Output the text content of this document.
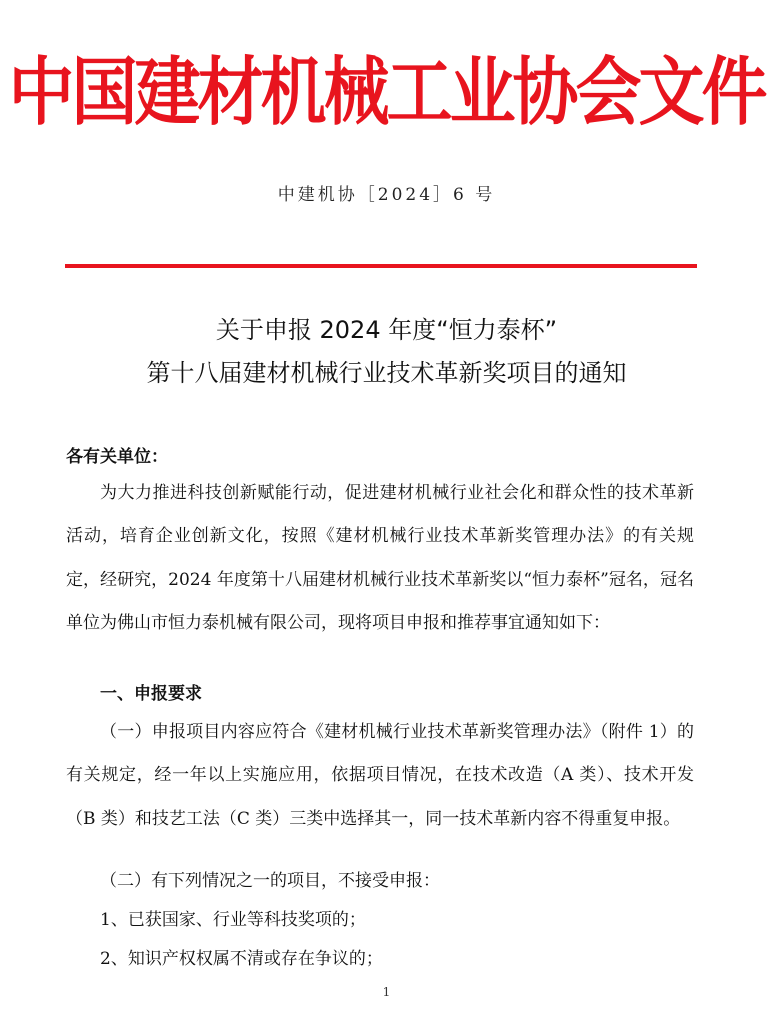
中国建材机械工业协会文件
中建机协［2024］6 号
关于申报 2024 年度“恒力泰杯”
第十八届建材机械行业技术革新奖项目的通知
各有关单位：

为大力推进科技创新赋能行动，促进建材机械行业社会化和群众性的技术革新活动，培育企业创新文化，按照《建材机械行业技术革新奖管理办法》的有关规定，经研究，2024 年度第十八届建材机械行业技术革新奖以“恒力泰杯”冠名，冠名单位为佛山市恒力泰机械有限公司，现将项目申报和推荐事宜通知如下：

一、申报要求

（一）申报项目内容应符合《建材机械行业技术革新奖管理办法》（附件 1）的有关规定，经一年以上实施应用，依据项目情况，在技术改造（A 类）、技术开发（B 类）和技艺工法（C 类）三类中选择其一，同一技术革新内容不得重复申报。

（二）有下列情况之一的项目，不接受申报：
1、已获国家、行业等科技奖项的；
2、知识产权权属不清或存在争议的；
1
